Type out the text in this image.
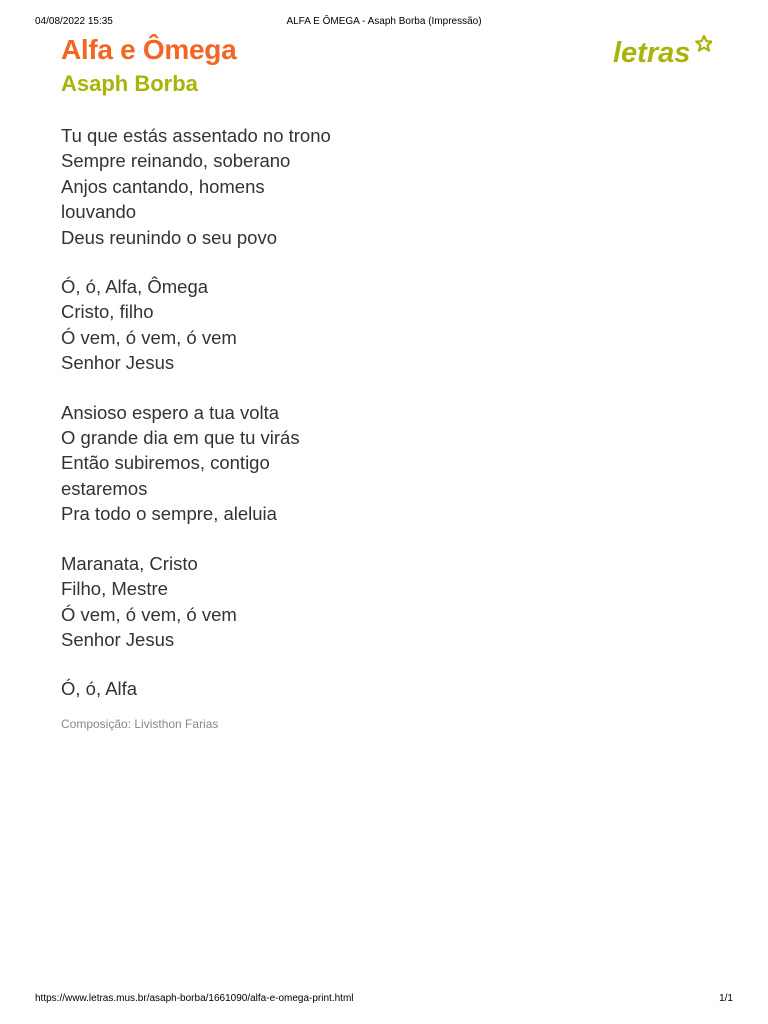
04/08/2022 15:35	ALFA E ÔMEGA - Asaph Borba (Impressão)
Alfa e Ômega
Asaph Borba
letras
Tu que estás assentado no trono
Sempre reinando, soberano
Anjos cantando, homens
louvando
Deus reunindo o seu povo
Ó, ó, Alfa, Ômega
Cristo, filho
Ó vem, ó vem, ó vem
Senhor Jesus
Ansioso espero a tua volta
O grande dia em que tu virás
Então subiremos, contigo
estaremos
Pra todo o sempre, aleluia
Maranata, Cristo
Filho, Mestre
Ó vem, ó vem, ó vem
Senhor Jesus
Ó, ó, Alfa
Composição: Livisthon Farias
https://www.letras.mus.br/asaph-borba/1661090/alfa-e-omega-print.html	1/1
